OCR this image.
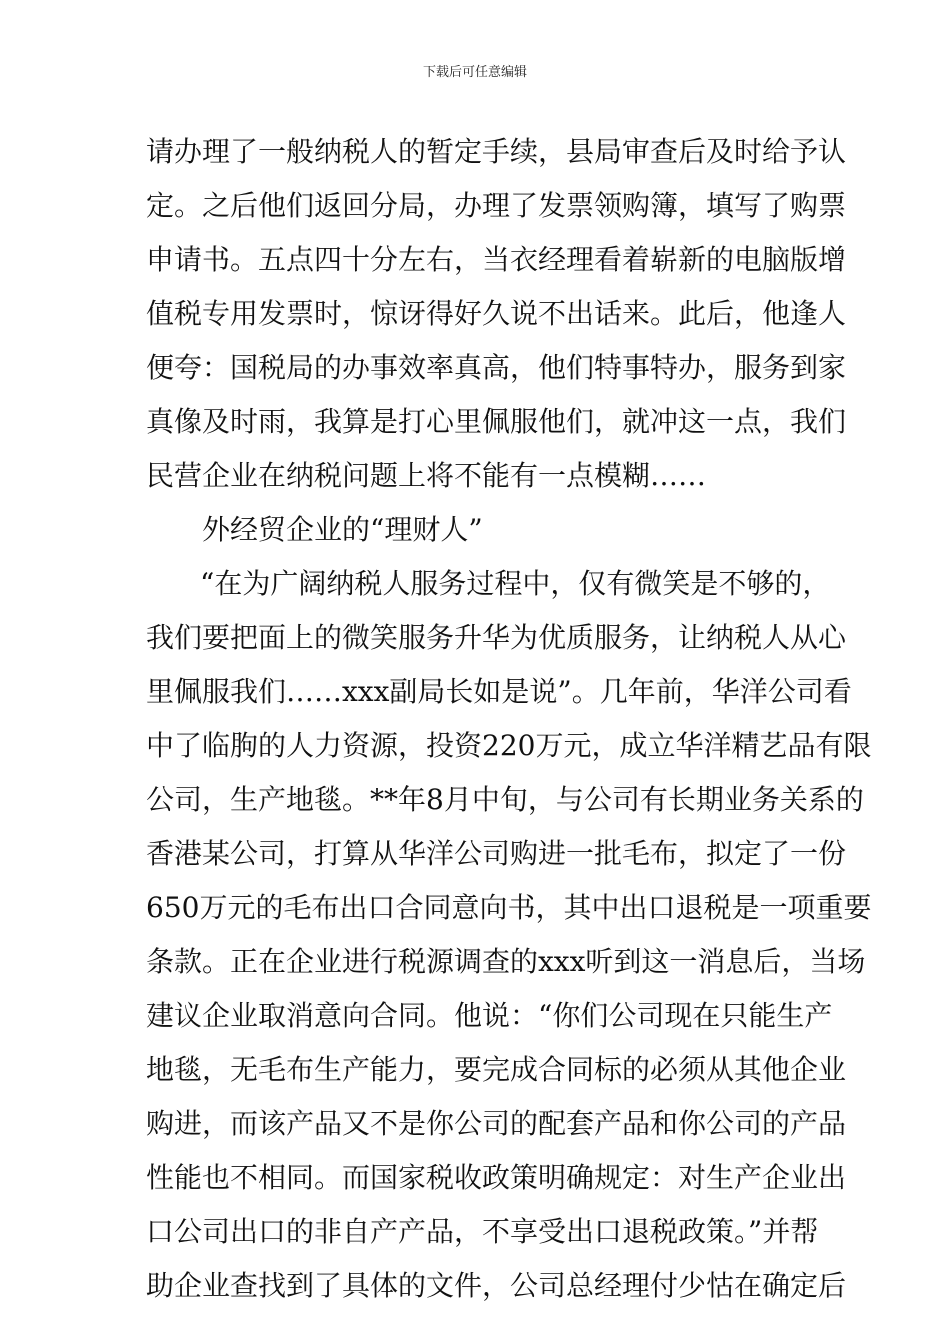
下载后可任意编辑
请办理了一般纳税人的暂定手续，县局审查后及时给予认
定。之后他们返回分局，办理了发票领购簿，填写了购票
申请书。五点四十分左右，当衣经理看着崭新的电脑版增
值税专用发票时，惊讶得好久说不出话来。此后，他逢人
便夸：国税局的办事效率真高，他们特事特办，服务到家
真像及时雨，我算是打心里佩服他们，就冲这一点，我们
民营企业在纳税问题上将不能有一点模糊……
外经贸企业的“理财人”
“在为广阔纳税人服务过程中，仅有微笑是不够的，
我们要把面上的微笑服务升华为优质服务，让纳税人从心
里佩服我们……xxx副局长如是说”。几年前，华洋公司看
中了临朐的人力资源，投资220万元，成立华洋精艺品有限
公司，生产地毯。**年8月中旬，与公司有长期业务关系的
香港某公司，打算从华洋公司购进一批毛布，拟定了一份
650万元的毛布出口合同意向书，其中出口退税是一项重要
条款。正在企业进行税源调查的xxx听到这一消息后，当场
建议企业取消意向合同。他说：“你们公司现在只能生产
地毯，无毛布生产能力，要完成合同标的必须从其他企业
购进，而该产品又不是你公司的配套产品和你公司的产品
性能也不相同。而国家税收政策明确规定：对生产企业出
口公司出口的非自产产品，不享受出口退税政策。”并帮
助企业查找到了具体的文件，公司总经理付少怙在确定后
